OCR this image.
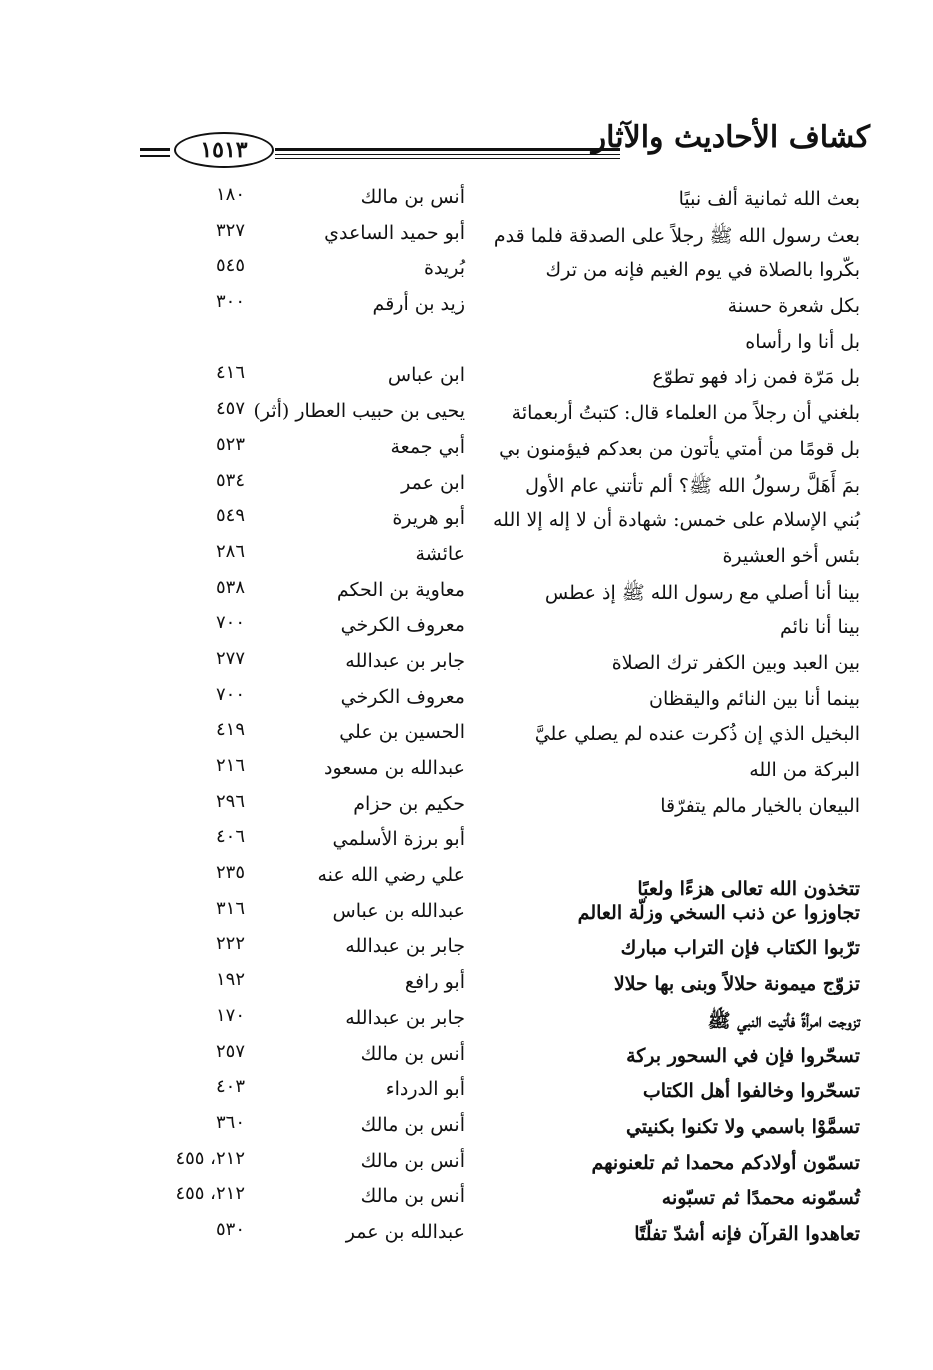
كشاف الأحاديث والآثار
١٥١٣
بعث الله ثمانية ألف نبيًا
أنس بن مالك
١٨٠
بعث رسول الله ﷺ رجلاً على الصدقة فلما قدم
أبو حميد الساعدي
٣٢٧
بكّروا بالصلاة في يوم الغيم فإنه من ترك
بُريدة
٥٤٥
بكل شعرة حسنة
زيد بن أرقم
٣٠٠
بل أنا وا رأساه
بل مَرّة فمن زاد فهو تطوّع
ابن عباس
٤١٦
بلغني أن رجلاً من العلماء قال: كتبتُ أربعمائة
يحيى بن حبيب العطار (أثر)
٤٥٧
بل قومًا من أمتي يأتون من بعدكم فيؤمنون بي
أبي جمعة
٥٢٣
بمَ أَهَلَّ رسولُ الله ﷺ؟ ألم تأتني عام الأول
ابن عمر
٥٣٤
بُني الإسلام على خمس: شهادة أن لا إله إلا الله
أبو هريرة
٥٤٩
بئس أخو العشيرة
عائشة
٢٨٦
بينا أنا أصلي مع رسول الله ﷺ إذ عطس
معاوية بن الحكم
٥٣٨
بينا أنا نائم
معروف الكرخي
٧٠٠
بين العبد وبين الكفر ترك الصلاة
جابر بن عبدالله
٢٧٧
بينما أنا بين النائم واليقظان
معروف الكرخي
٧٠٠
البخيل الذي إن ذُكرت عنده لم يصلي عليَّ
الحسين بن علي
٤١٩
البركة من الله
عبدالله بن مسعود
٢١٦
البيعان بالخيار مالم يتفرّقا
حكيم بن حزام
٢٩٦
أبو برزة الأسلمي
٤٠٦
تتخذون الله تعالى هزءًا ولعبًا
علي رضي الله عنه
٢٣٥
تجاوزوا عن ذنب السخي وزلّة العالم
عبدالله بن عباس
٣١٦
ترّبوا الكتاب فإن التراب مبارك
جابر بن عبدالله
٢٢٢
تزوّج ميمونة حلالاً وبنى بها حلالا
أبو رافع
١٩٢
تزوجت امرأةً فأتيت النبي ﷺ
جابر بن عبدالله
١٧٠
تسحّروا فإن في السحور بركة
أنس بن مالك
٢٥٧
تسحّروا وخالفوا أهل الكتاب
أبو الدرداء
٤٠٣
تسمَّوْا باسمي ولا تكنوا بكنيتي
أنس بن مالك
٣٦٠
تسمّون أولادكم محمدا ثم تلعنونهم
أنس بن مالك
٢١٢، ٤٥٥
تُسمّونه محمدًا ثم تسبّونه
أنس بن مالك
٢١٢، ٤٥٥
تعاهدوا القرآن فإنه أشدّ تفلّتًا
عبدالله بن عمر
٥٣٠
